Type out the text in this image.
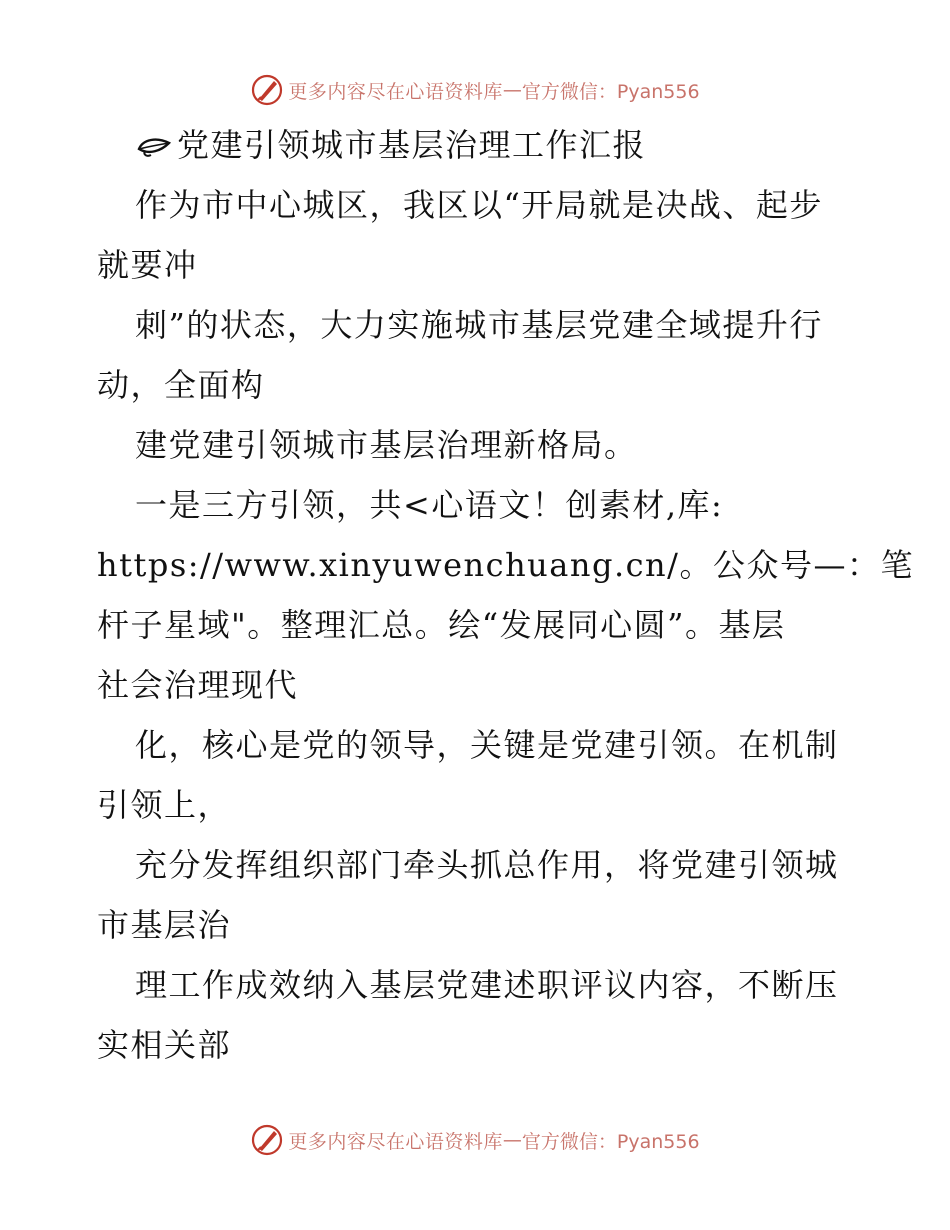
更多内容尽在心语资料库 — 官方微信：Pyan556
党建引领城市基层治理工作汇报
作为市中心城区，我区以“开局就是决战、起步
就要冲
刺”的状态，大力实施城市基层党建全域提升行
动，全面构
建党建引领城市基层治理新格局。
一是三方引领，共<心语文！创素材,库:
https://www.xinyuwenchuang.cn/。公众号—：笔
杆子星域"。整理汇总。绘“发展同心圆”。基层
社会治理现代
化，核心是党的领导，关键是党建引领。在机制
引领上，
充分发挥组织部门牵头抓总作用，将党建引领城
市基层治
理工作成效纳入基层党建述职评议内容，不断压
实相关部
更多内容尽在心语资料库 — 官方微信：Pyan556
